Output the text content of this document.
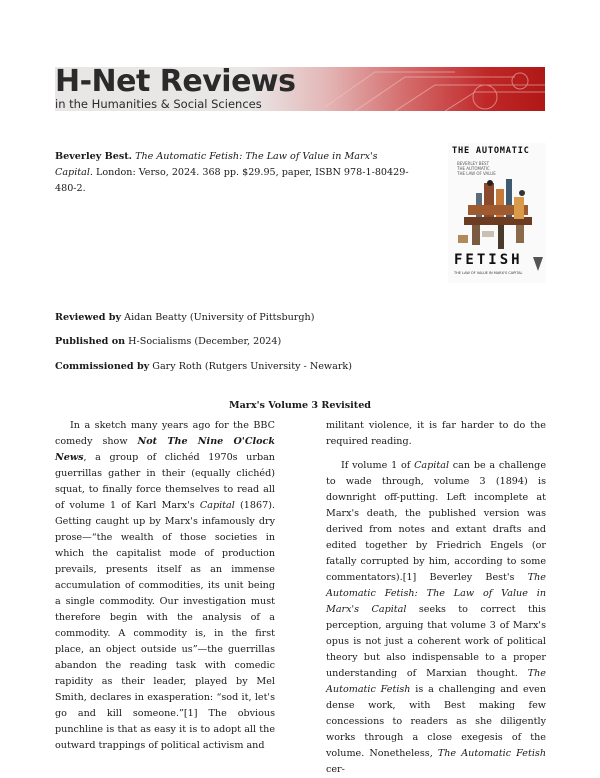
H-Net Reviews
in the Humanities & Social Sciences
Beverley Best. The Automatic Fetish: The Law of Value in Marx's Capital. London: Verso, 2024. 368 pp. $29.95, paper, ISBN 978-1-80429-480-2.
THE AUTOMATIC
BEVERLEY BEST
THE AUTOMATIC
THE LAW OF VALUE
FETISH
THE LAW OF VALUE IN MARX'S CAPITAL
Reviewed by Aidan Beatty (University of Pittsburgh)
Published on H-Socialisms (December, 2024)
Commissioned by Gary Roth (Rutgers University - Newark)
Marx's Volume 3 Revisited

In a sketch many years ago for the BBC comedy show Not The Nine O'Clock News, a group of clichéd 1970s urban guerrillas gather in their (equally clichéd) squat, to finally force themselves to read all of volume 1 of Karl Marx's Capital (1867). Getting caught up by Marx's infamously dry prose—“the wealth of those societies in which the capitalist mode of production prevails, presents itself as an immense accumulation of commodities, its unit being a single commodity. Our investigation must therefore begin with the analysis of a commodity. A commodity is, in the first place, an object outside us”—the guerrillas abandon the reading task with comedic rapidity as their leader, played by Mel Smith, declares in exasperation: “sod it, let's go and kill someone.”[1] The obvious punchline is that as easy it is to adopt all the outward trappings of political activism and

militant violence, it is far harder to do the required reading.

If volume 1 of Capital can be a challenge to wade through, volume 3 (1894) is downright off-putting. Left incomplete at Marx's death, the published version was derived from notes and extant drafts and edited together by Friedrich Engels (or fatally corrupted by him, according to some commentators).[1] Beverley Best's The Automatic Fetish: The Law of Value in Marx's Capital seeks to correct this perception, arguing that volume 3 of Marx's opus is not just a coherent work of political theory but also indispensable to a proper understanding of Marxian thought. The Automatic Fetish is a challenging and even dense work, with Best making few concessions to readers as she diligently works through a close exegesis of the volume. Nonetheless, The Automatic Fetish cer-
